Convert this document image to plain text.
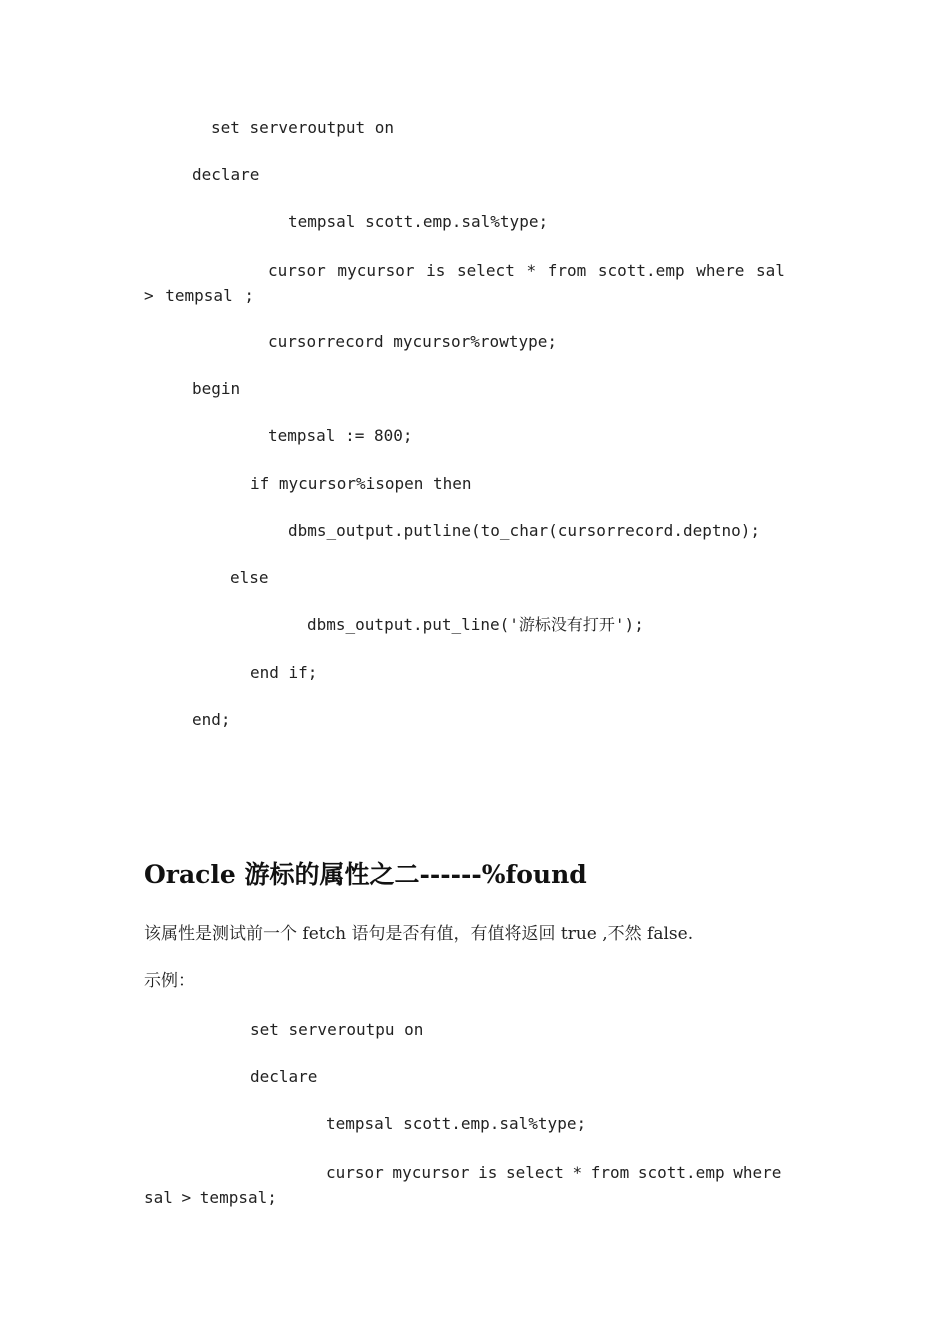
set serveroutput on

declare

tempsal scott.emp.sal%type;

cursor mycursor is select * from scott.emp where sal > tempsal ;

cursorrecord mycursor%rowtype;

begin

tempsal := 800;

if mycursor%isopen then

dbms_output.putline(to_char(cursorrecord.deptno);

else

dbms_output.put_line('游标没有打开');

end if;

end;

Oracle 游标的属性之二------%found

该属性是测试前一个 fetch 语句是否有值，有值将返回 true ,不然 false.

示例：

set serveroutpu on

declare

tempsal scott.emp.sal%type;

cursor mycursor is select * from scott.emp where sal > tempsal;
